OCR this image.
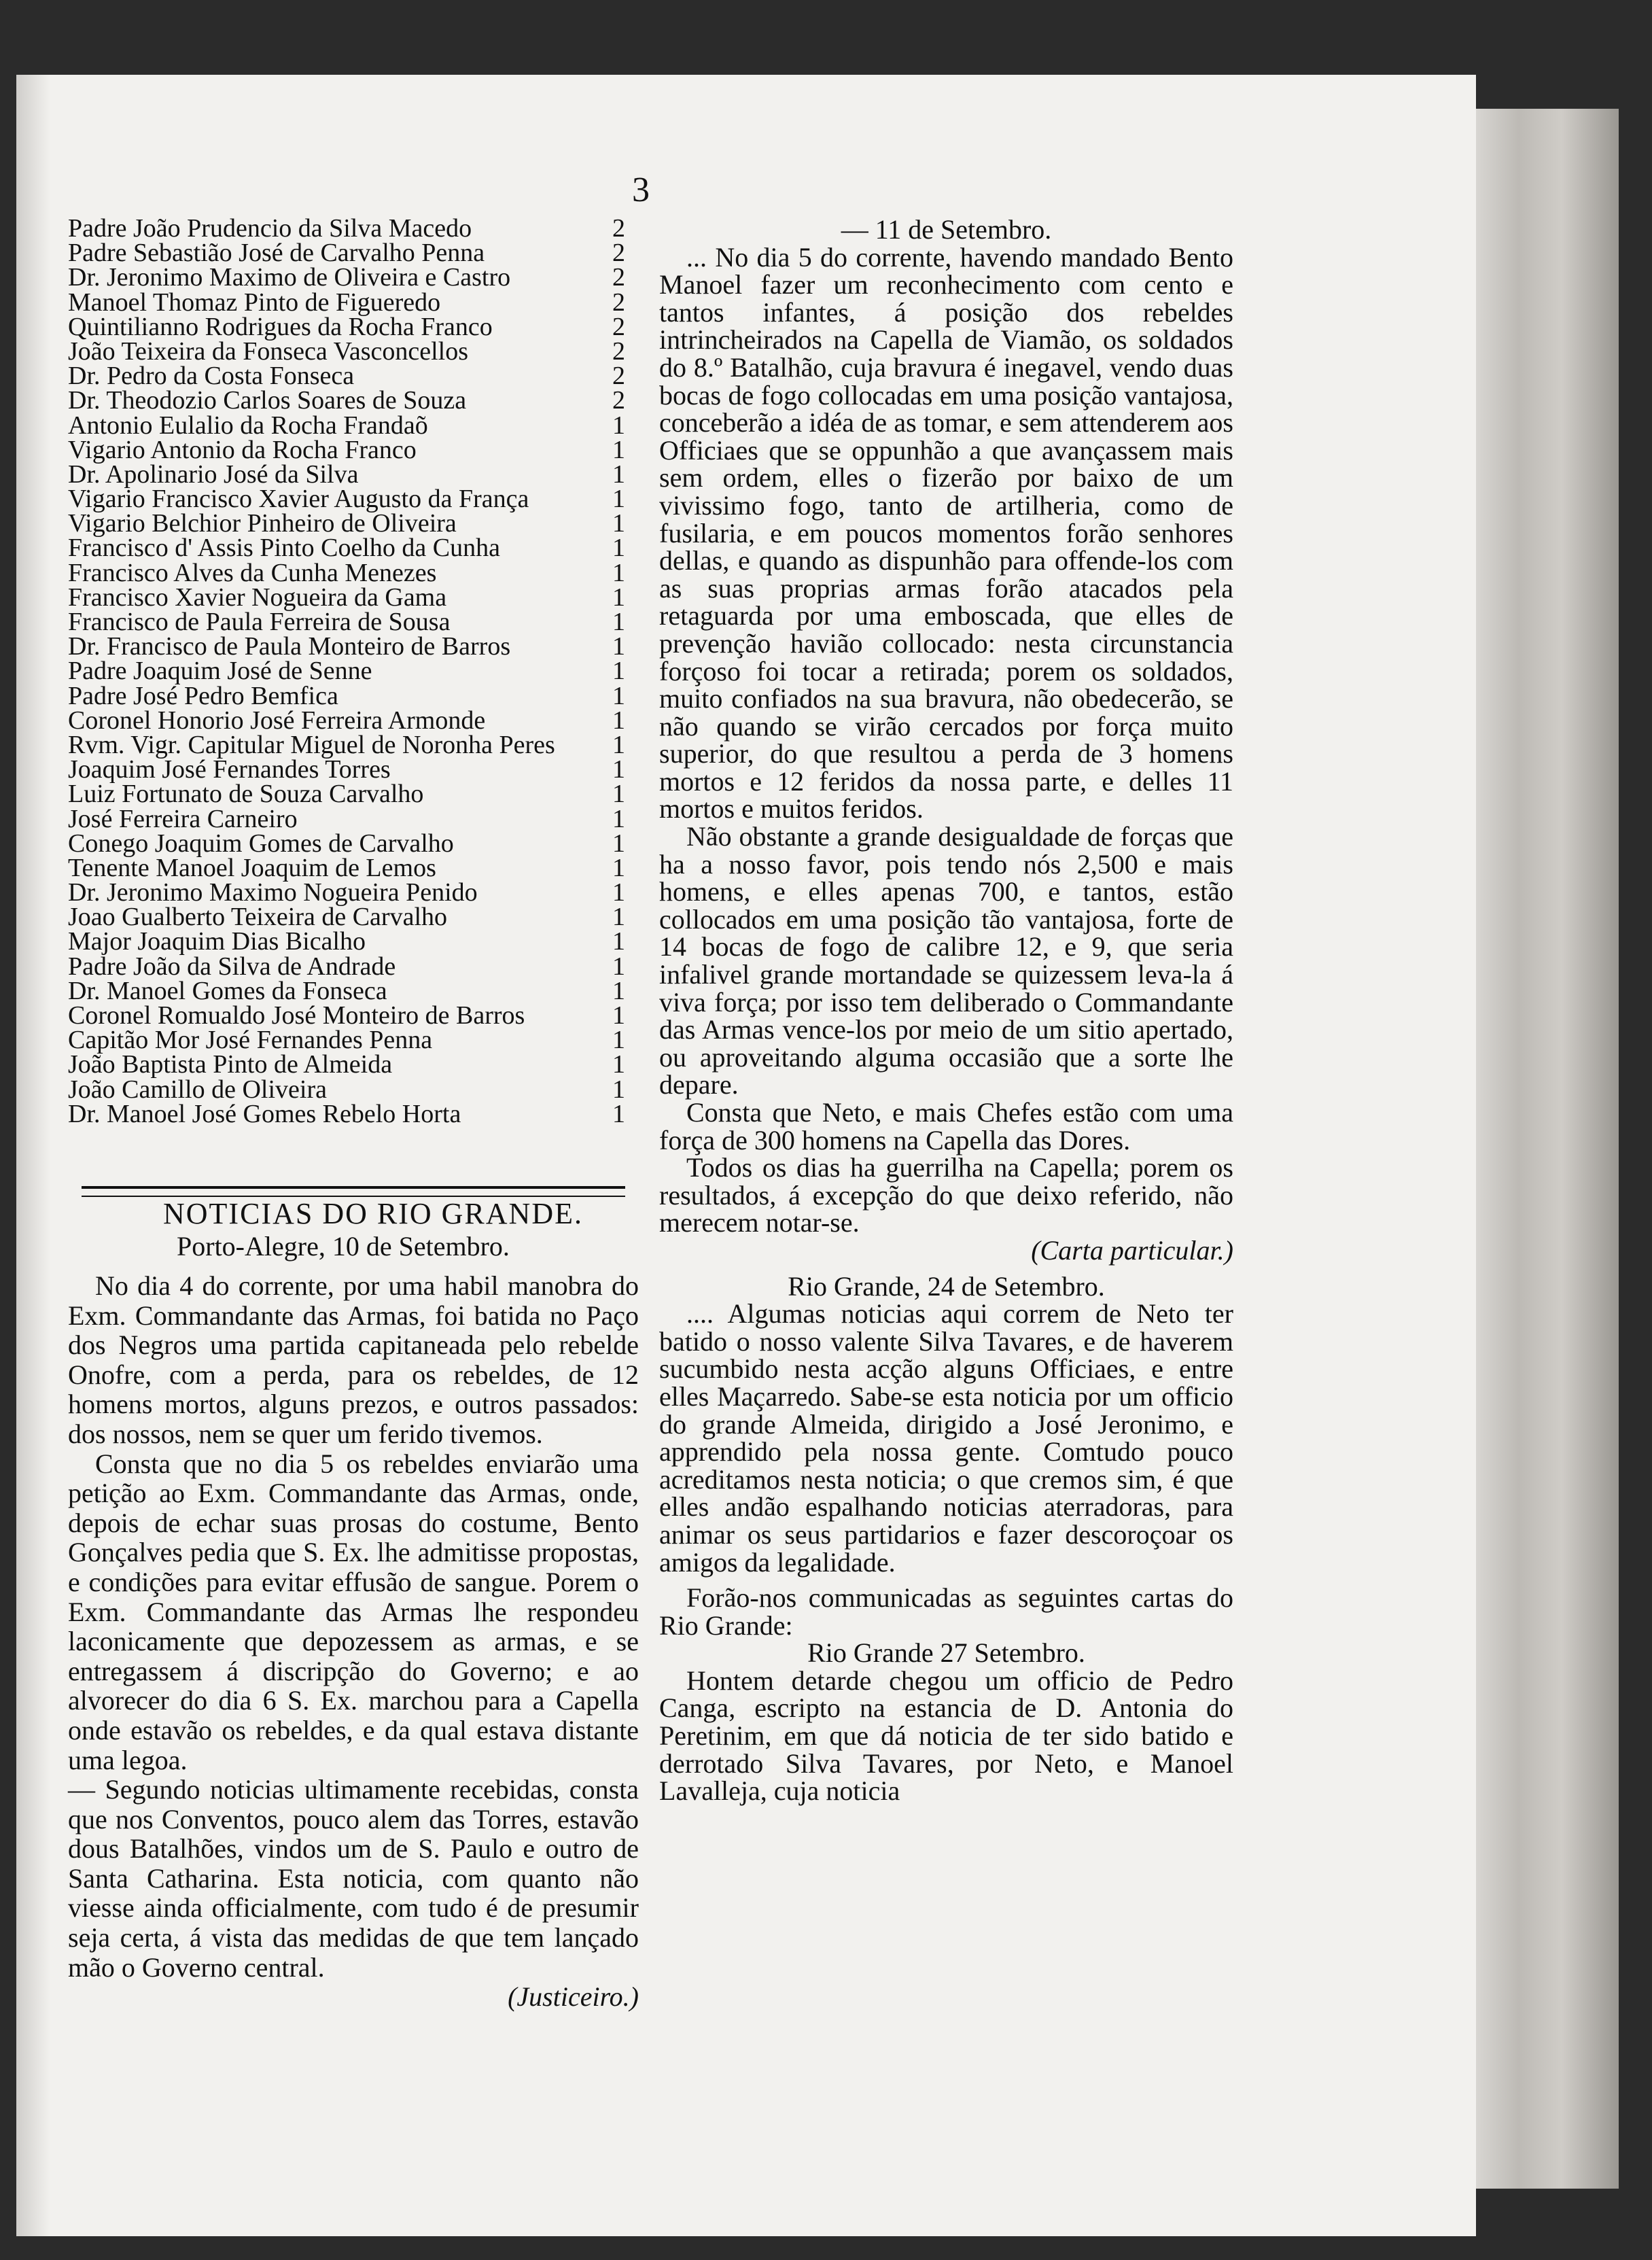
3
Padre João Prudencio da Silva Macedo	2
Padre Sebastião José de Carvalho Penna	2
Dr. Jeronimo Maximo de Oliveira e Castro	2
Manoel Thomaz Pinto de Figueredo	2
Quintilianno Rodrigues da Rocha Franco	2
João Teixeira da Fonseca Vasconcellos	2
Dr. Pedro da Costa Fonseca	2
Dr. Theodozio Carlos Soares de Souza	2
Antonio Eulalio da Rocha Frandaõ	1
Vigario Antonio da Rocha Franco	1
Dr. Apolinario José da Silva	1
Vigario Francisco Xavier Augusto da França	1
Vigario Belchior Pinheiro de Oliveira	1
Francisco d' Assis Pinto Coelho da Cunha	1
Francisco Alves da Cunha Menezes	1
Francisco Xavier Nogueira da Gama	1
Francisco de Paula Ferreira de Sousa	1
Dr. Francisco de Paula Monteiro de Barros	1
Padre Joaquim José de Senne	1
Padre José Pedro Bemfica	1
Coronel Honorio José Ferreira Armonde	1
Rvm. Vigr. Capitular Miguel de Noronha Peres	1
Joaquim José Fernandes Torres	1
Luiz Fortunato de Souza Carvalho	1
José Ferreira Carneiro	1
Conego Joaquim Gomes de Carvalho	1
Tenente Manoel Joaquim de Lemos	1
Dr. Jeronimo Maximo Nogueira Penido	1
Joao Gualberto Teixeira de Carvalho	1
Major Joaquim Dias Bicalho	1
Padre João da Silva de Andrade	1
Dr. Manoel Gomes da Fonseca	1
Coronel Romualdo José Monteiro de Barros	1
Capitão Mor José Fernandes Penna	1
João Baptista Pinto de Almeida	1
João Camillo de Oliveira	1
Dr. Manoel José Gomes Rebelo Horta	1
NOTICIAS DO RIO GRANDE.
Porto-Alegre, 10 de Setembro.

No dia 4 do corrente, por uma habil manobra do Exm. Commandante das Armas, foi batida no Paço dos Negros uma partida capitaneada pelo rebelde Onofre, com a perda, para os rebeldes, de 12 homens mortos, alguns prezos, e outros passados: dos nossos, nem se quer um ferido tivemos.

Consta que no dia 5 os rebeldes enviarão uma petição ao Exm. Commandante das Armas, onde, depois de echar suas prosas do costume, Bento Gonçalves pedia que S. Ex. lhe admitisse propostas, e condições para evitar effusão de sangue. Porem o Exm. Commandante das Armas lhe respondeu laconicamente que depozessem as armas, e se entregassem á discripção do Governo; e ao alvorecer do dia 6 S. Ex. marchou para a Capella onde estavão os rebeldes, e da qual estava distante uma legoa.

— Segundo noticias ultimamente recebidas, consta que nos Conventos, pouco alem das Torres, estavão dous Batalhões, vindos um de S. Paulo e outro de Santa Catharina. Esta noticia, com quanto não viesse ainda officialmente, com tudo é de presumir seja certa, á vista das medidas de que tem lançado mão o Governo central.

(Justiceiro.)

— 11 de Setembro.

... No dia 5 do corrente, havendo mandado Bento Manoel fazer um reconhecimento com cento e tantos infantes, á posição dos rebeldes intrincheirados na Capella de Viamão, os soldados do 8.º Batalhão, cuja bravura é inegavel, vendo duas bocas de fogo collocadas em uma posição vantajosa, conceberão a idéa de as tomar, e sem attenderem aos Officiaes que se oppunhão a que avançassem mais sem ordem, elles o fizerão por baixo de um vivissimo fogo, tanto de artilheria, como de fusilaria, e em poucos momentos forão senhores dellas, e quando as dispunhão para offende-los com as suas proprias armas forão atacados pela retaguarda por uma emboscada, que elles de prevenção havião collocado: nesta circunstancia forçoso foi tocar a retirada; porem os soldados, muito confiados na sua bravura, não obedecerão, se não quando se virão cercados por força muito superior, do que resultou a perda de 3 homens mortos e 12 feridos da nossa parte, e delles 11 mortos e muitos feridos.

Não obstante a grande desigualdade de forças que ha a nosso favor, pois tendo nós 2,500 e mais homens, e elles apenas 700, e tantos, estão collocados em uma posição tão vantajosa, forte de 14 bocas de fogo de calibre 12, e 9, que seria infalivel grande mortandade se quizessem leva-la á viva força; por isso tem deliberado o Commandante das Armas vence-los por meio de um sitio apertado, ou aproveitando alguma occasião que a sorte lhe depare.

Consta que Neto, e mais Chefes estão com uma força de 300 homens na Capella das Dores.

Todos os dias ha guerrilha na Capella; porem os resultados, á excepção do que deixo referido, não merecem notar-se.

(Carta particular.)

Rio Grande, 24 de Setembro.

.... Algumas noticias aqui correm de Neto ter batido o nosso valente Silva Tavares, e de haverem sucumbido nesta acção alguns Officiaes, e entre elles Maçarredo. Sabe-se esta noticia por um officio do grande Almeida, dirigido a José Jeronimo, e apprendido pela nossa gente. Comtudo pouco acreditamos nesta noticia; o que cremos sim, é que elles andão espalhando noticias aterradoras, para animar os seus partidarios e fazer descoroçoar os amigos da legalidade.

Forão-nos communicadas as seguintes cartas do Rio Grande:

Rio Grande 27 Setembro.

Hontem detarde chegou um officio de Pedro Canga, escripto na estancia de D. Antonia do Peretinim, em que dá noticia de ter sido batido e derrotado Silva Tavares, por Neto, e Manoel Lavalleja, cuja noticia
